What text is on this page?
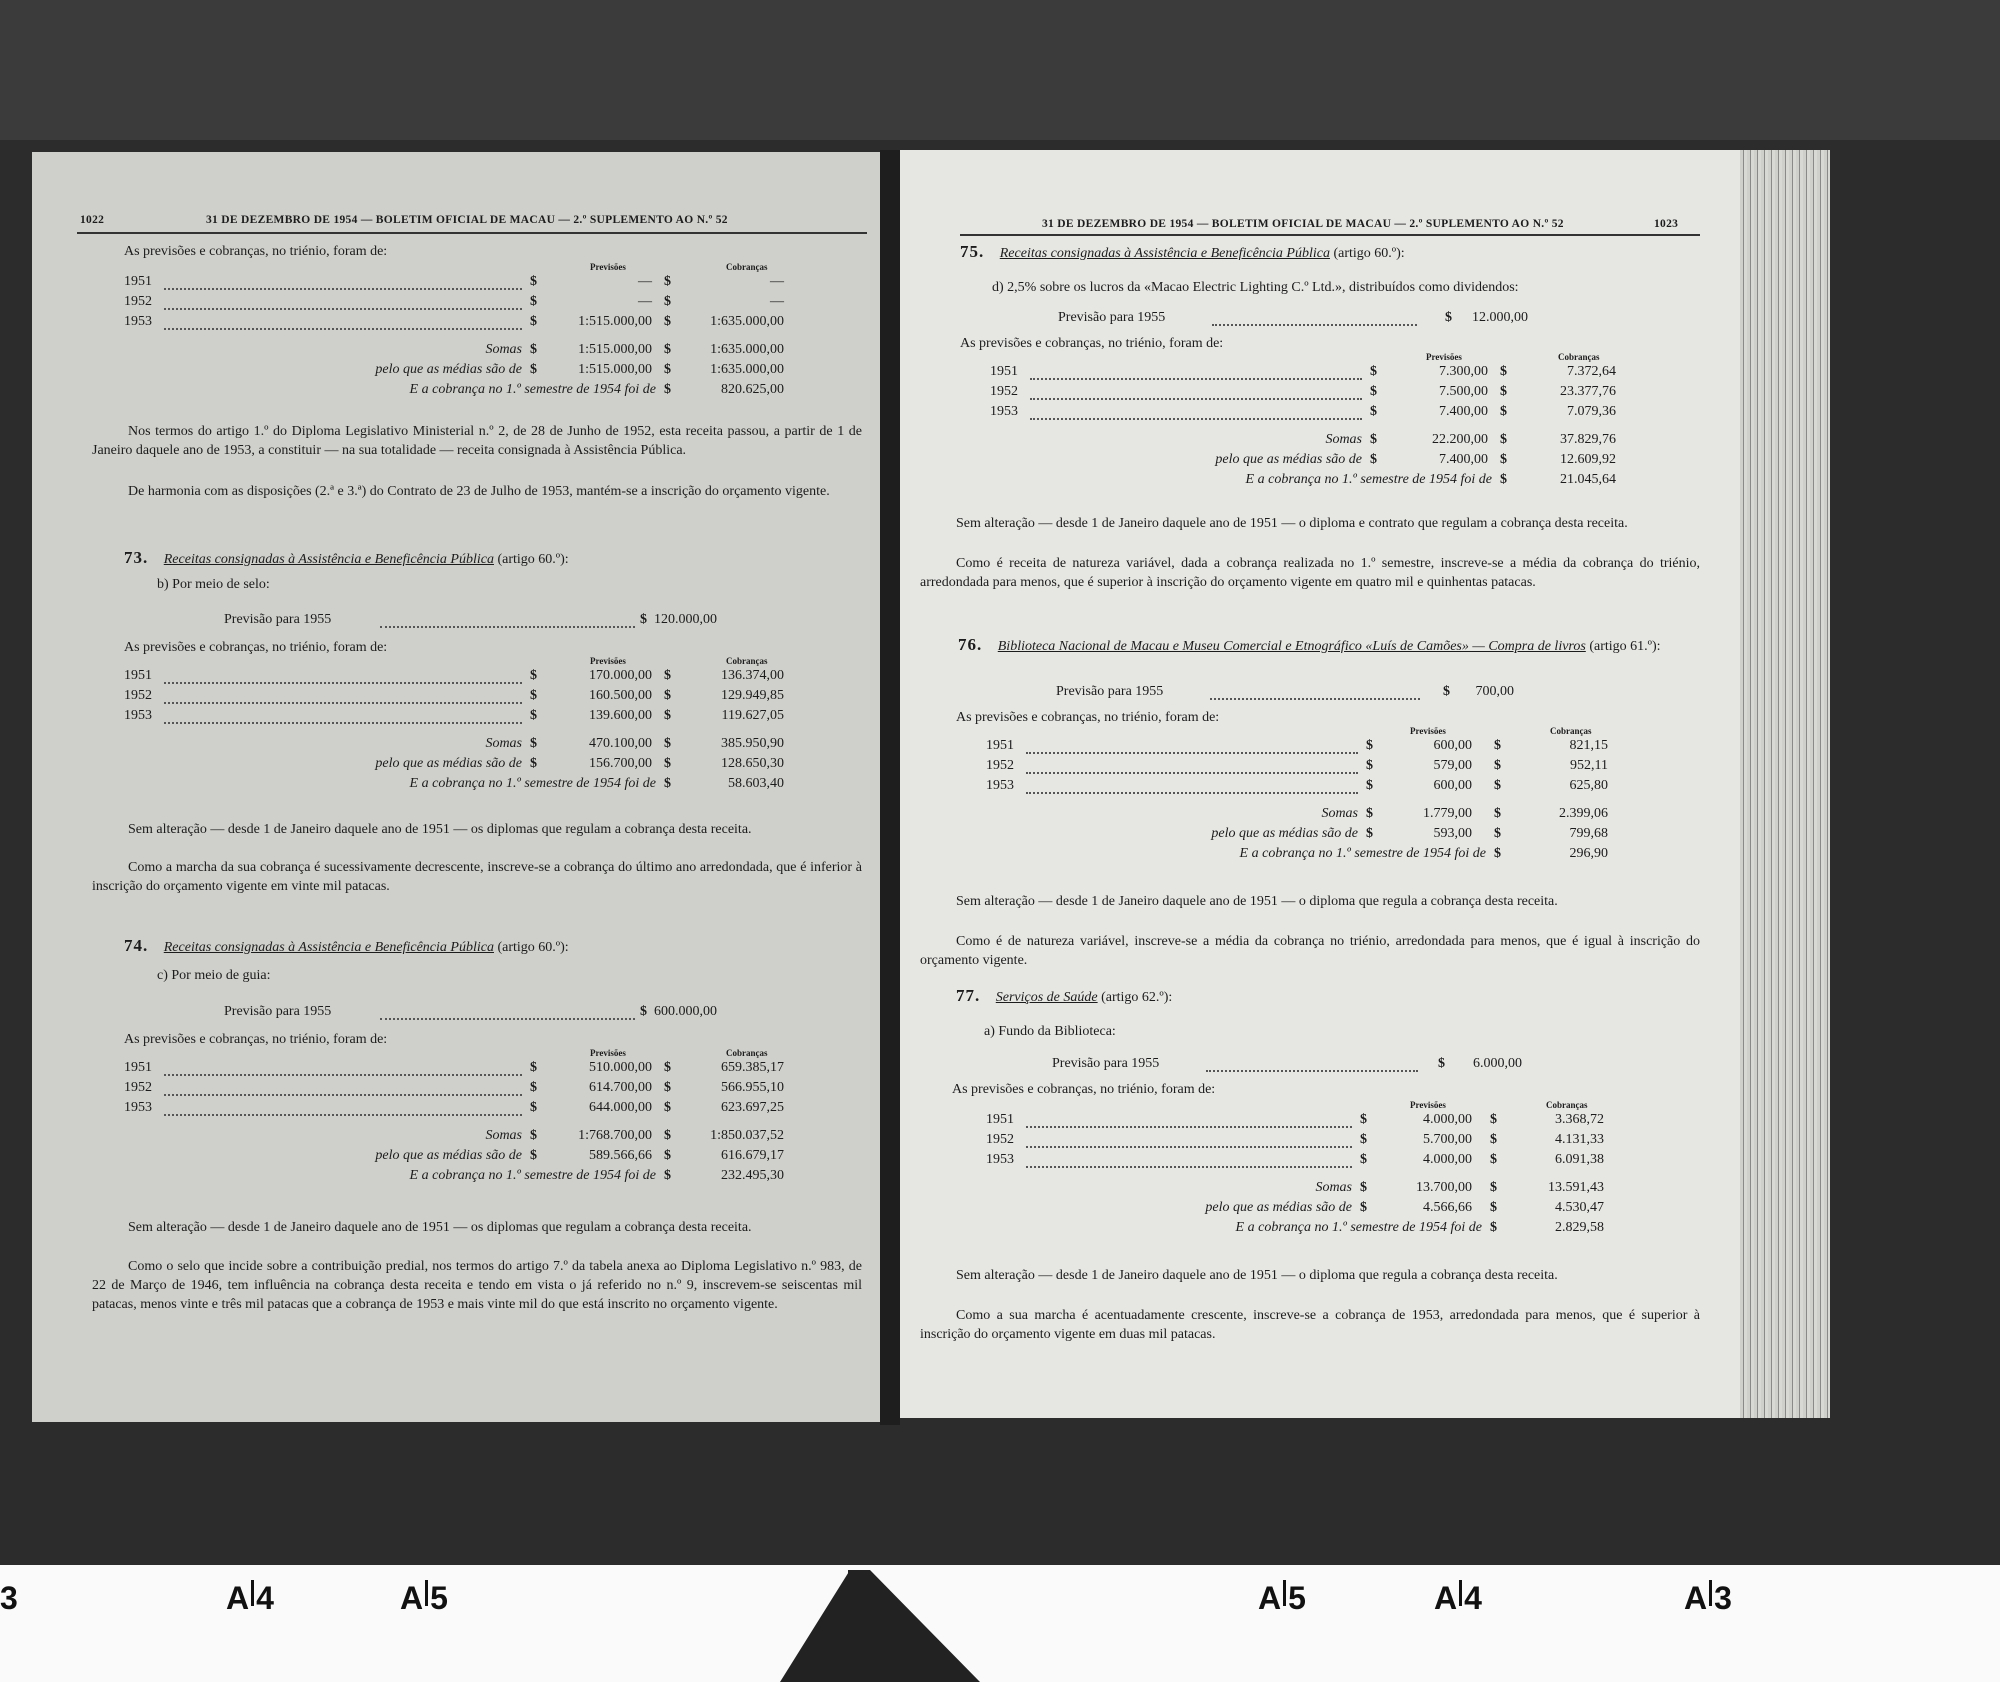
1022	31 DE DEZEMBRO DE 1954 — BOLETIM OFICIAL DE MACAU — 2.º SUPLEMENTO AO N.º 52
As previsões e cobranças, no triénio, foram de:
Nos termos do artigo 1.º do Diploma Legislativo Ministerial n.º 2, de 28 de Junho de 1952, esta receita passou, a partir de 1 de Janeiro daquele ano de 1953, a constituir — na sua totalidade — receita consignada à Assistência Pública.
De harmonia com as disposições (2.ª e 3.ª) do Contrato de 23 de Julho de 1953, mantém-se a inscrição do orçamento vigente.
73. Receitas consignadas à Assistência e Beneficência Pública (artigo 60.º):
b) Por meio de selo:
Previsão para 1955	$ 120.000,00
As previsões e cobranças, no triénio, foram de:
Sem alteração — desde 1 de Janeiro daquele ano de 1951 — os diplomas que regulam a cobrança desta receita.
Como a marcha da sua cobrança é sucessivamente decrescente, inscreve-se a cobrança do último ano arredondada, que é inferior à inscrição do orçamento vigente em vinte mil patacas.
74. Receitas consignadas à Assistência e Beneficência Pública (artigo 60.º):
c) Por meio de guia:
Previsão para 1955	$ 600.000,00
As previsões e cobranças, no triénio, foram de:
Sem alteração — desde 1 de Janeiro daquele ano de 1951 — os diplomas que regulam a cobrança desta receita.
Como o selo que incide sobre a contribuição predial, nos termos do artigo 7.º da tabela anexa ao Diploma Legislativo n.º 983, de 22 de Março de 1946, tem influência na cobrança desta receita e tendo em vista o já referido no n.º 9, inscrevem-se seiscentas mil patacas, menos vinte e três mil patacas que a cobrança de 1953 e mais vinte mil do que está inscrito no orçamento vigente.
Previsões	Cobranças
1951	$	— $	—
1952	$	— $	—
1953	$	1:515.000,00 $	1:635.000,00
Somas $	1:515.000,00 $	1:635.000,00
pelo que as médias são de $	1:515.000,00 $	1:635.000,00
E a cobrança no 1.º semestre de 1954 foi de $	820.625,00
Previsões	Cobranças
1951	$	170.000,00 $	136.374,00
1952	$	160.500,00 $	129.949,85
1953	$	139.600,00 $	119.627,05
Somas $	470.100,00 $	385.950,90
pelo que as médias são de $	156.700,00 $	128.650,30
E a cobrança no 1.º semestre de 1954 foi de $	58.603,40
Previsões	Cobranças
1951	$	510.000,00 $	659.385,17
1952	$	614.700,00 $	566.955,10
1953	$	644.000,00 $	623.697,25
Somas $	1:768.700,00 $	1:850.037,52
pelo que as médias são de $	589.566,66 $	616.679,17
E a cobrança no 1.º semestre de 1954 foi de $	232.495,30
31 DE DEZEMBRO DE 1954 — BOLETIM OFICIAL DE MACAU — 2.º SUPLEMENTO AO N.º 52	1023
75. Receitas consignadas à Assistência e Beneficência Pública (artigo 60.º):
d) 2,5% sobre os lucros da «Macao Electric Lighting C.º Ltd.», distribuídos como dividendos:
Previsão para 1955	$	12.000,00
As previsões e cobranças, no triénio, foram de:
Sem alteração — desde 1 de Janeiro daquele ano de 1951 — o diploma e contrato que regulam a cobrança desta receita.
Como é receita de natureza variável, dada a cobrança realizada no 1.º semestre, inscreve-se a média da cobrança do triénio, arredondada para menos, que é superior à inscrição do orçamento vigente em quatro mil e quinhentas patacas.
76. Biblioteca Nacional de Macau e Museu Comercial e Etnográfico «Luís de Camões» — Compra de livros (artigo 61.º):
Previsão para 1955	$	700,00
As previsões e cobranças, no triénio, foram de:
Sem alteração — desde 1 de Janeiro daquele ano de 1951 — o diploma que regula a cobrança desta receita.
Como é de natureza variável, inscreve-se a média da cobrança no triénio, arredondada para menos, que é igual à inscrição do orçamento vigente.
77. Serviços de Saúde (artigo 62.º):
a) Fundo da Biblioteca:
Previsão para 1955	$	6.000,00
As previsões e cobranças, no triénio, foram de:
Sem alteração — desde 1 de Janeiro daquele ano de 1951 — o diploma que regula a cobrança desta receita.
Como a sua marcha é acentuadamente crescente, inscreve-se a cobrança de 1953, arredondada para menos, que é superior à inscrição do orçamento vigente em duas mil patacas.
Previsões	Cobranças
1951	$	7.300,00 $	7.372,64
1952	$	7.500,00 $	23.377,76
1953	$	7.400,00 $	7.079,36
Somas $	22.200,00 $	37.829,76
pelo que as médias são de $	7.400,00 $	12.609,92
E a cobrança no 1.º semestre de 1954 foi de $	21.045,64
Previsões	Cobranças
1951	$	600,00 $	821,15
1952	$	579,00 $	952,11
1953	$	600,00 $	625,80
Somas $	1.779,00 $	2.399,06
pelo que as médias são de $	593,00 $	799,68
E a cobrança no 1.º semestre de 1954 foi de $	296,90
Previsões	Cobranças
1951	$	4.000,00 $	3.368,72
1952	$	5.700,00 $	4.131,33
1953	$	4.000,00 $	6.091,38
Somas $	13.700,00 $	13.591,43
pelo que as médias são de $	4.566,66 $	4.530,47
E a cobrança no 1.º semestre de 1954 foi de $	2.829,58
3	A 4	A 5	A 5	A 4	A 3
